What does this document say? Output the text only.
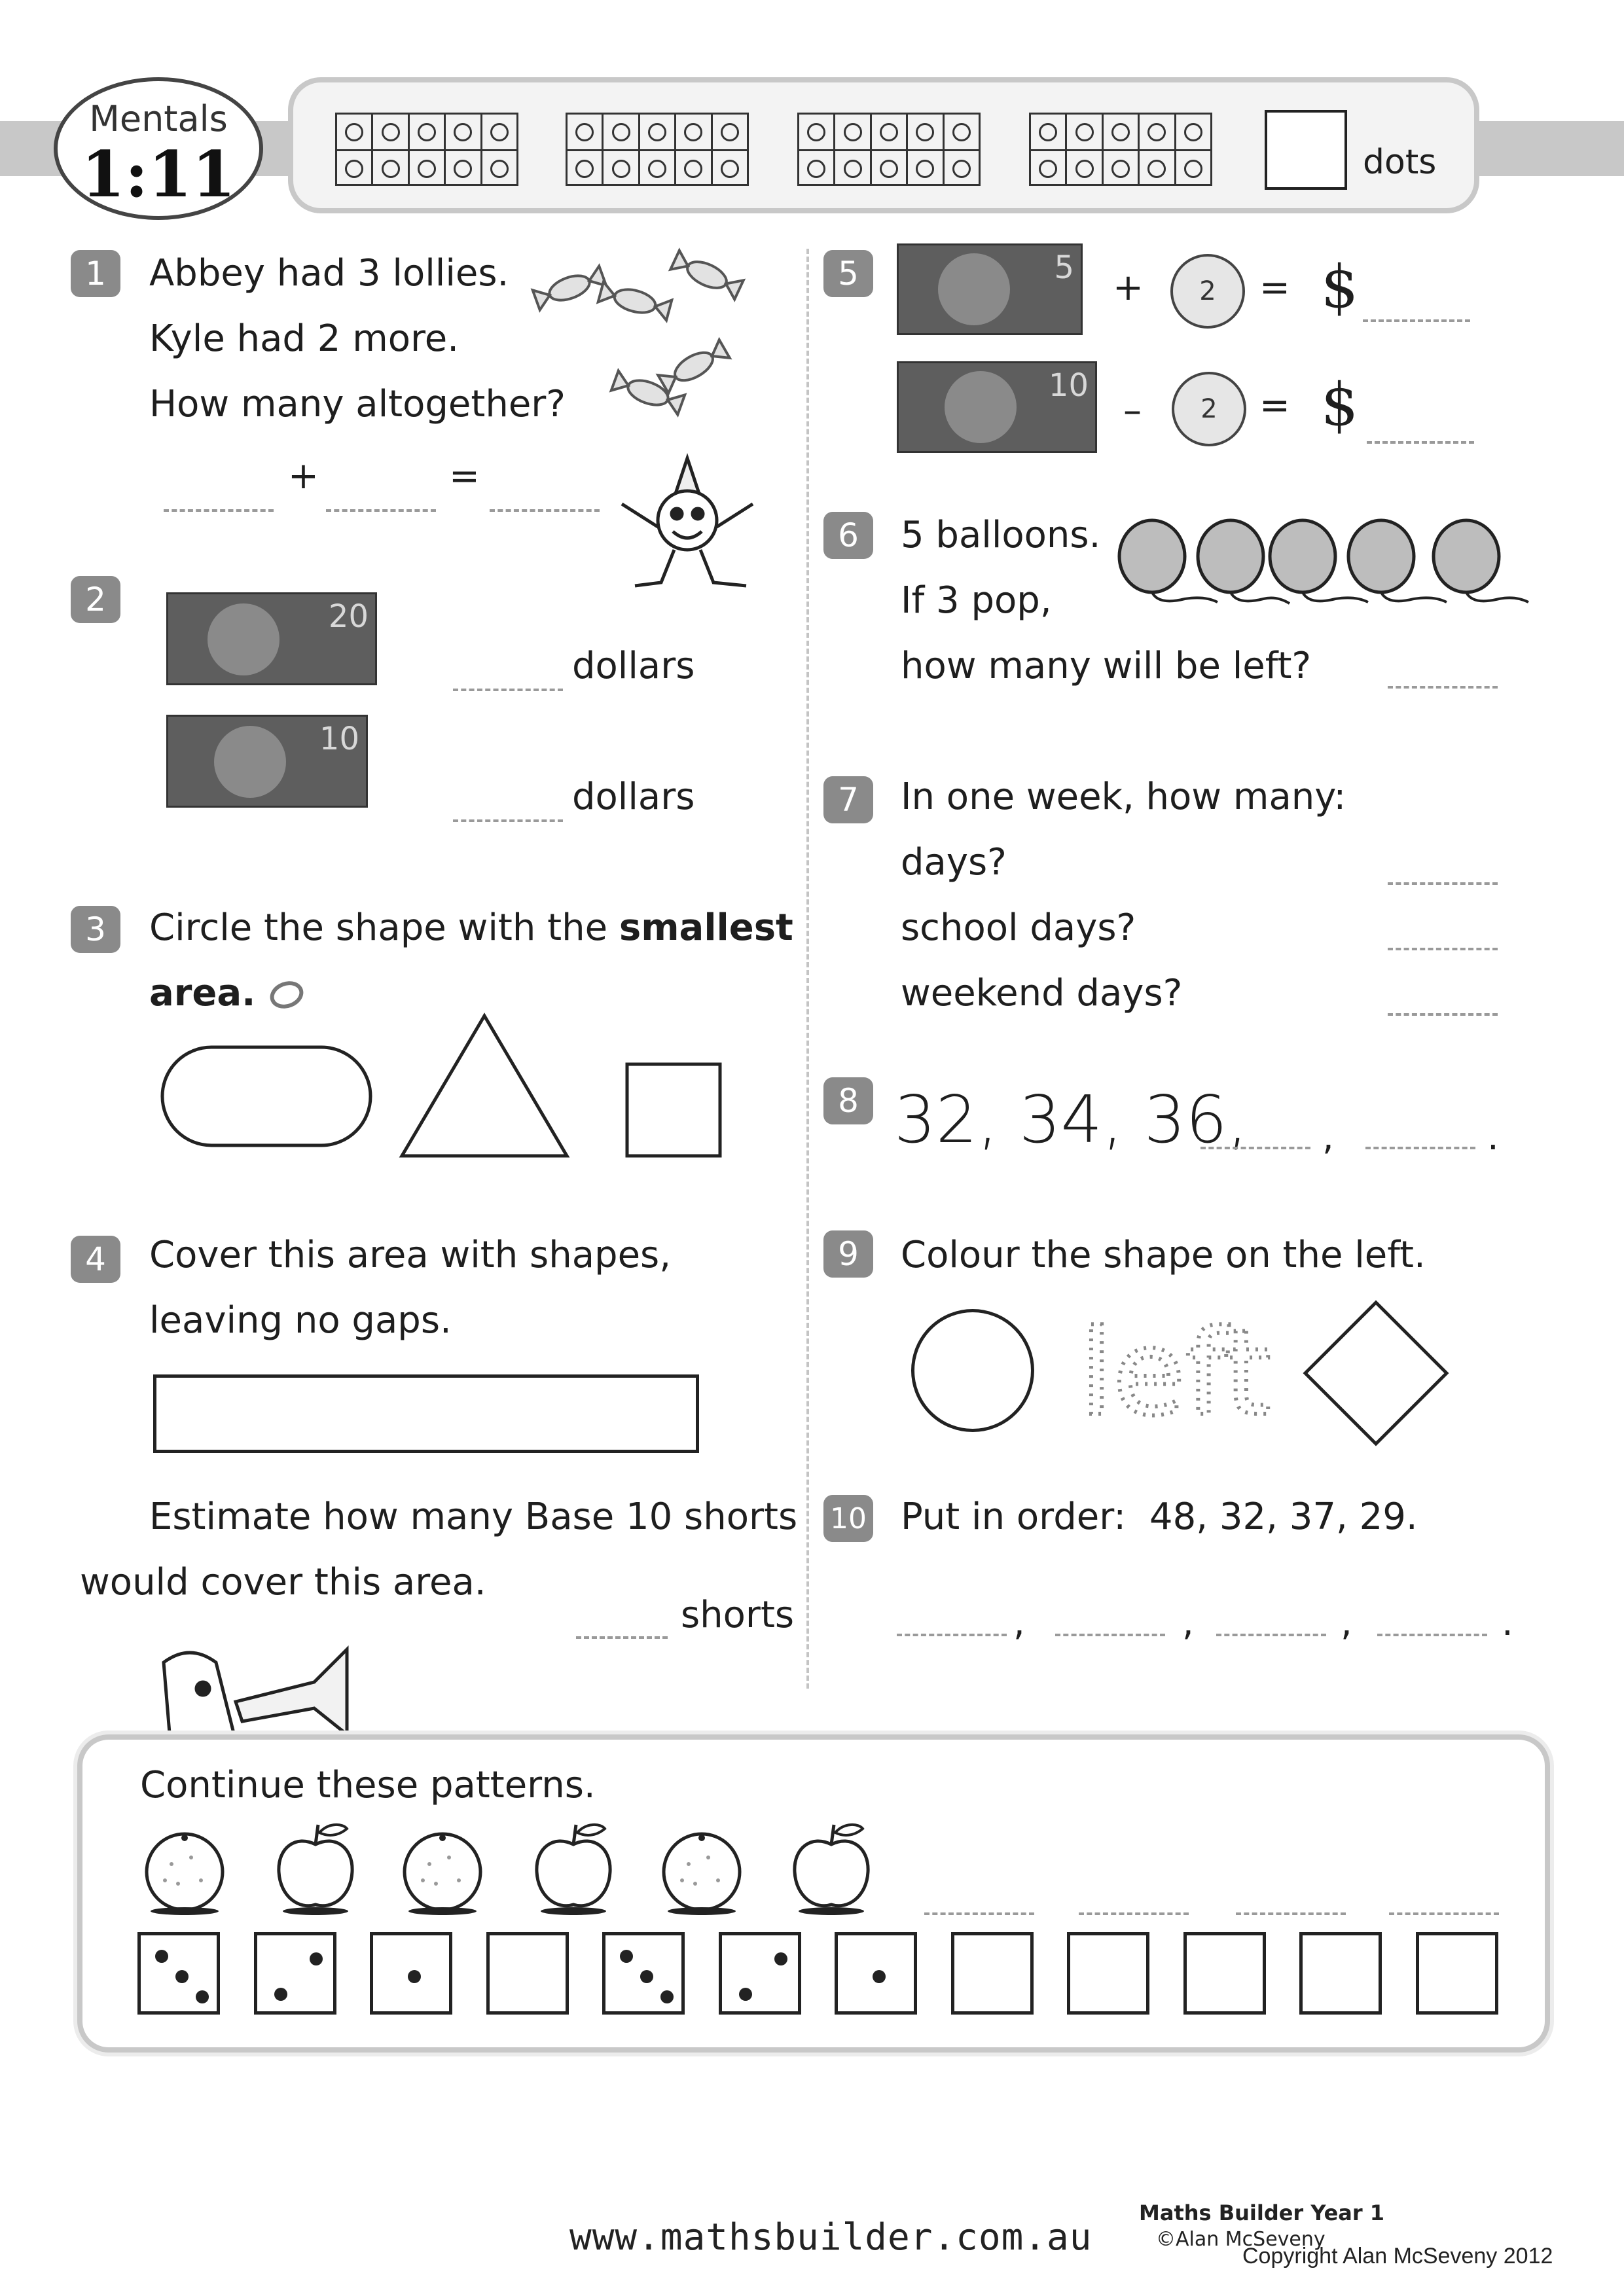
Mentals
1:11	dots
1	Abbey had 3 lollies.
Kyle had 2 more.
How many altogether?
+	=
2	20
dollars
10
dollars
3	Circle the shape with the smallest
area.
4	Cover this area with shapes,
leaving no gaps.
Estimate how many Base 10 shorts
would cover this area.
shorts
5	5 +	2	= $
10
–	2	= $
6	5 balloons.
If 3 pop,
how many will be left?
7	In one week, how many:
days?
school days?
weekend days?
8 32, 34, 36, ,	.
9	Colour the shape on the left.
left
10 Put in order: 48, 32, 37, 29.
,	,	,	.
Continue these patterns.
www.mathsbuilder.com.au
Maths Builder Year 1
©Alan McSeveny
Copyright Alan McSeveny 2012
